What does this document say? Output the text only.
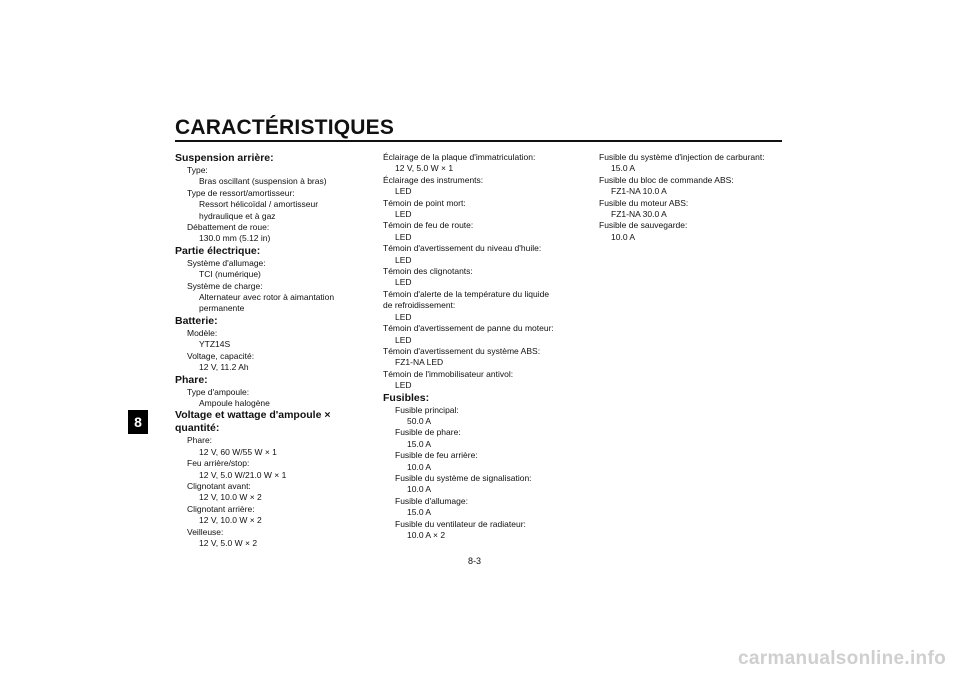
CARACTÉRISTIQUES
8
Suspension arrière:
Type:
Bras oscillant (suspension à bras)
Type de ressort/amortisseur:
Ressort hélicoïdal / amortisseur
hydraulique et à gaz
Débattement de roue:
130.0 mm (5.12 in)
Partie électrique:
Système d'allumage:
TCI (numérique)
Système de charge:
Alternateur avec rotor à aimantation
permanente
Batterie:
Modèle:
YTZ14S
Voltage, capacité:
12 V, 11.2 Ah
Phare:
Type d'ampoule:
Ampoule halogène
Voltage et wattage d'ampoule × quantité:
Phare:
12 V, 60 W/55 W × 1
Feu arrière/stop:
12 V, 5.0 W/21.0 W × 1
Clignotant avant:
12 V, 10.0 W × 2
Clignotant arrière:
12 V, 10.0 W × 2
Veilleuse:
12 V, 5.0 W × 2
Éclairage de la plaque d'immatriculation:
12 V, 5.0 W × 1
Éclairage des instruments:
LED
Témoin de point mort:
LED
Témoin de feu de route:
LED
Témoin d'avertissement du niveau d'huile:
LED
Témoin des clignotants:
LED
Témoin d'alerte de la température du liquide
de refroidissement:
LED
Témoin d'avertissement de panne du moteur:
LED
Témoin d'avertissement du système ABS:
FZ1-NA LED
Témoin de l'immobilisateur antivol:
LED
Fusibles:
Fusible principal:
50.0 A
Fusible de phare:
15.0 A
Fusible de feu arrière:
10.0 A
Fusible du système de signalisation:
10.0 A
Fusible d'allumage:
15.0 A
Fusible du ventilateur de radiateur:
10.0 A × 2
Fusible du système d'injection de carburant:
15.0 A
Fusible du bloc de commande ABS:
FZ1-NA 10.0 A
Fusible du moteur ABS:
FZ1-NA 30.0 A
Fusible de sauvegarde:
10.0 A
8-3
carmanualsonline.info
